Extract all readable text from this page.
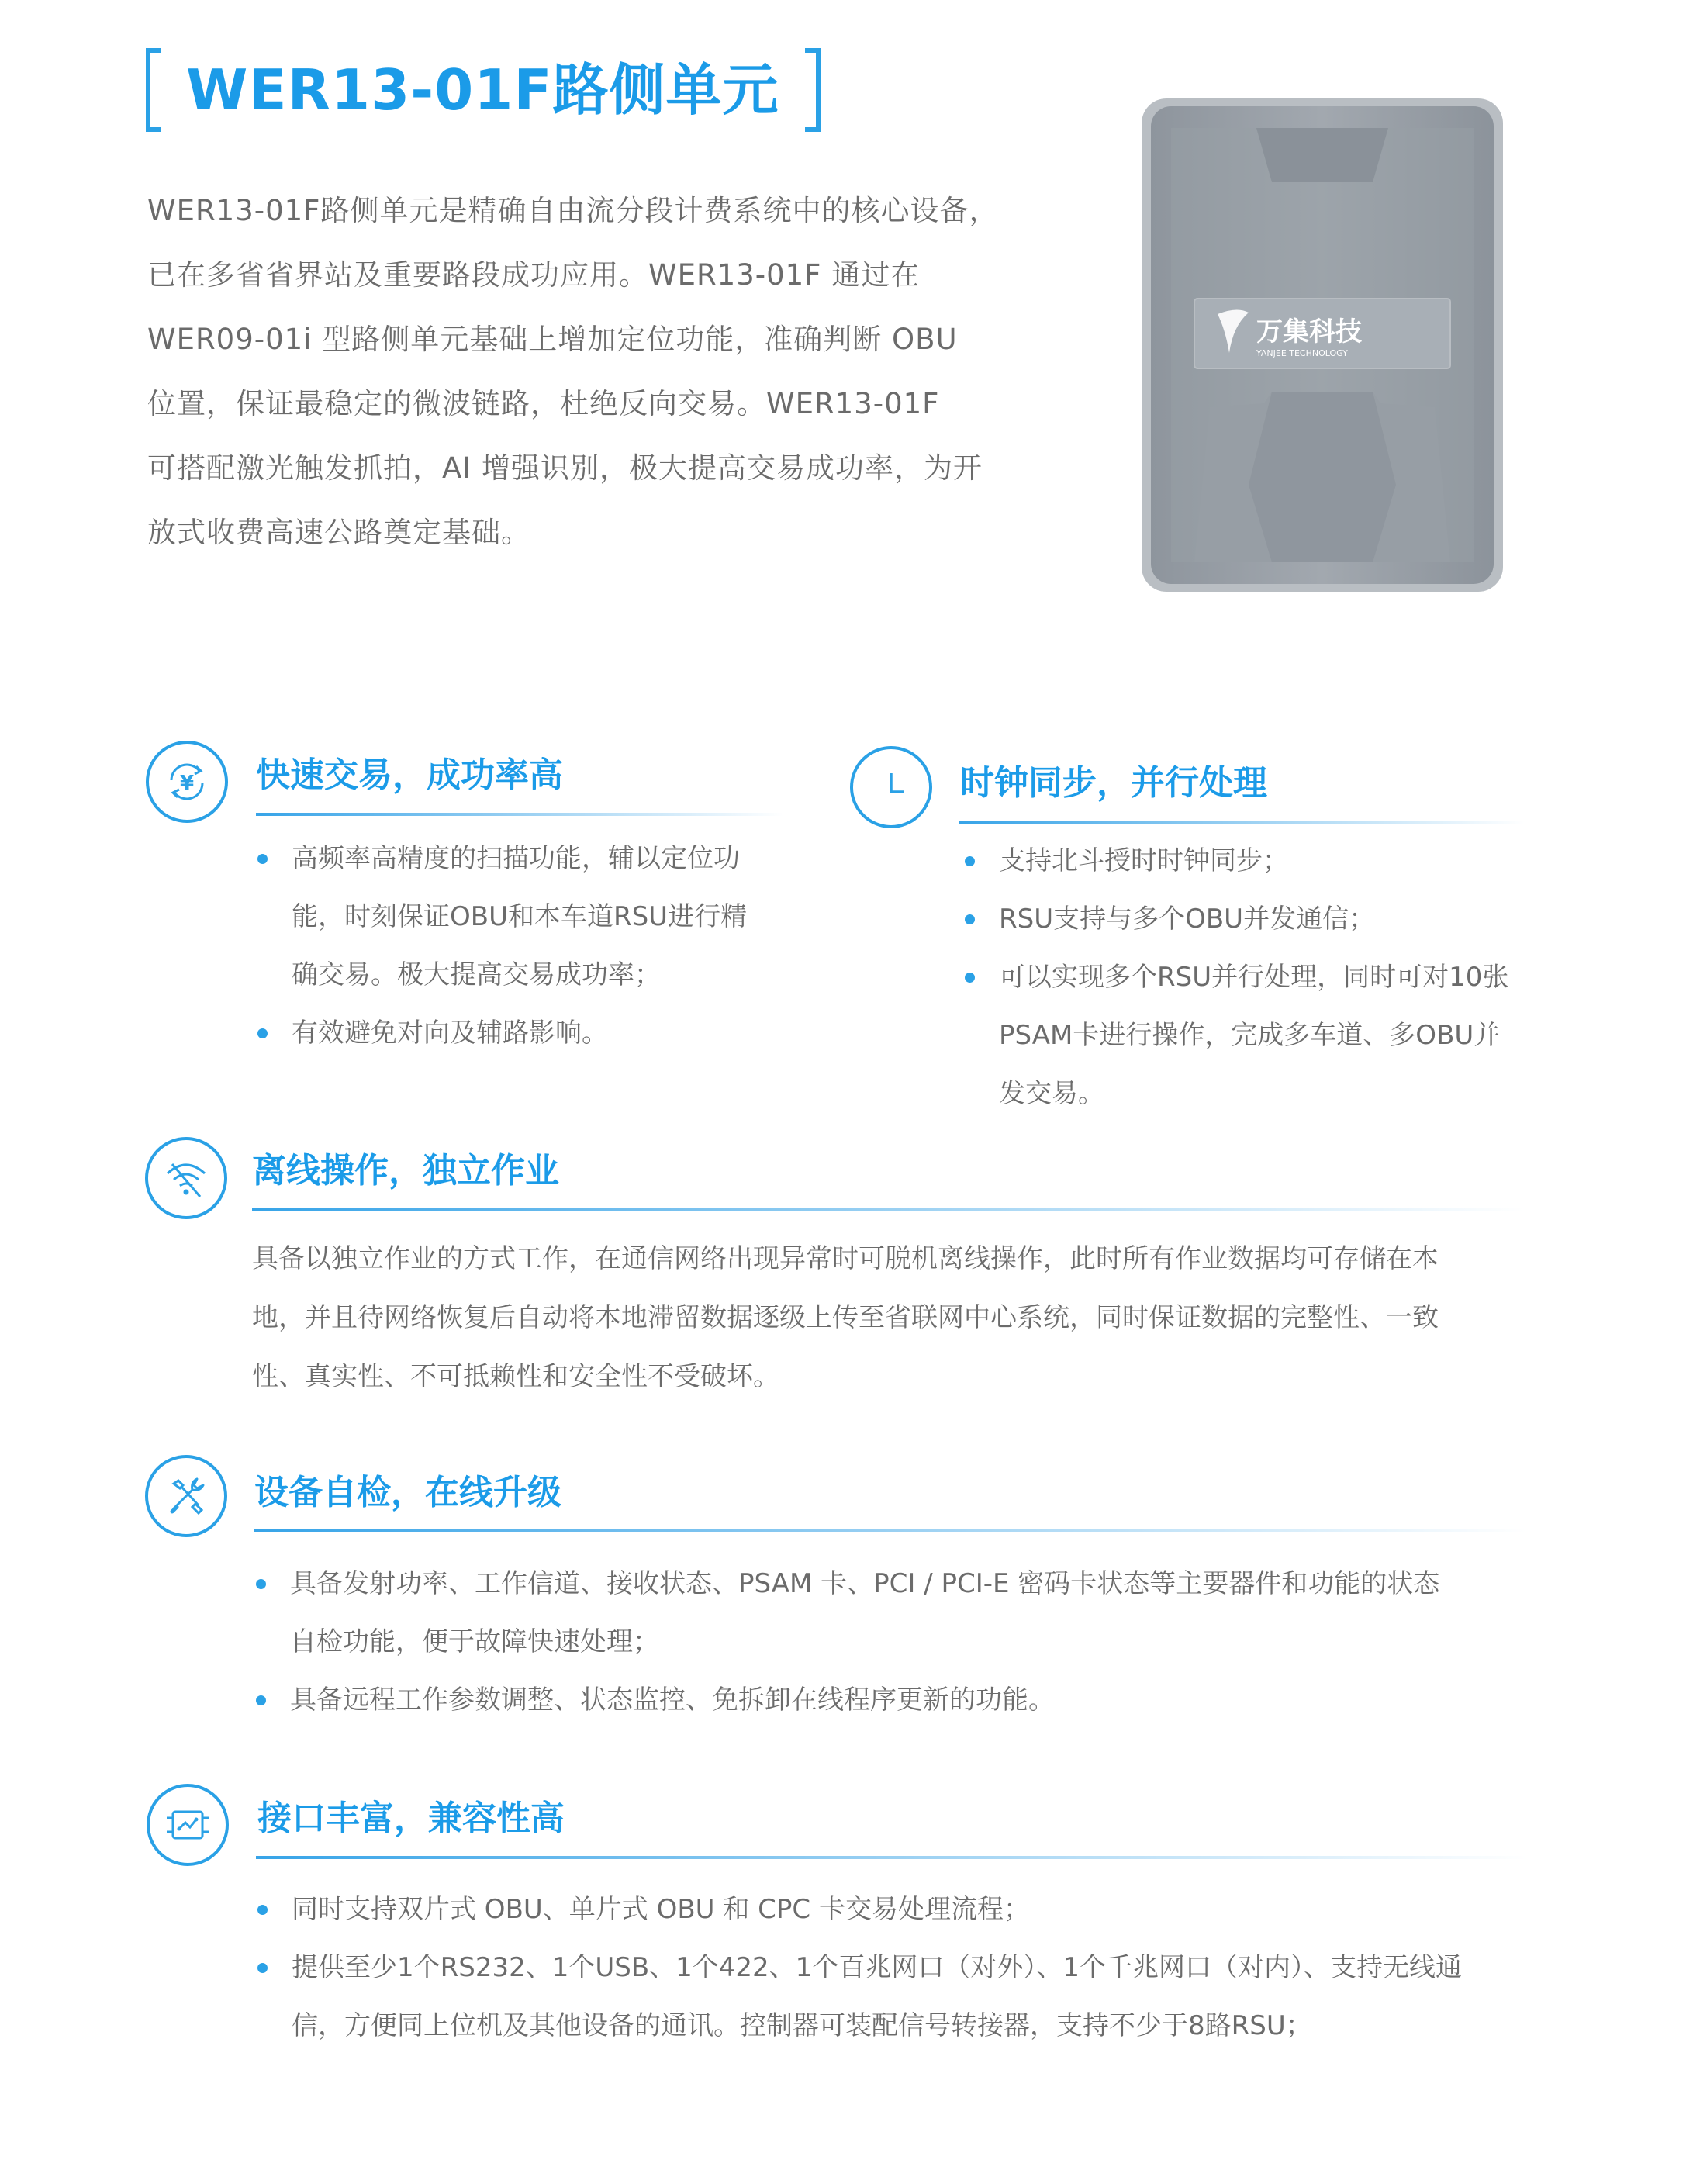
WER13-01F路侧单元

WER13-01F路侧单元是精确自由流分段计费系统中的核心设备，

已在多省省界站及重要路段成功应用。WER13-01F 通过在

WER09-01i 型路侧单元基础上增加定位功能，准确判断 OBU

位置，保证最稳定的微波链路，杜绝反向交易。WER13-01F

可搭配激光触发抓拍，AI 增强识别，极大提高交易成功率，为开

放式收费高速公路奠定基础。

万集科技
YANJEE TECHNOLOGY
¥ 快速交易，成功率高
高频率高精度的扫描功能，辅以定位功
能，时刻保证OBU和本车道RSU进行精
确交易。极大提高交易成功率；
有效避免对向及辅路影响。
时钟同步，并行处理
支持北斗授时时钟同步；
RSU支持与多个OBU并发通信；
可以实现多个RSU并行处理，同时可对10张
PSAM卡进行操作，完成多车道、多OBU并
发交易。
离线操作，独立作业
具备以独立作业的方式工作，在通信网络出现异常时可脱机离线操作，此时所有作业数据均可存储在本
地，并且待网络恢复后自动将本地滞留数据逐级上传至省联网中心系统，同时保证数据的完整性、一致
性、真实性、不可抵赖性和安全性不受破坏。
设备自检，在线升级
具备发射功率、工作信道、接收状态、PSAM 卡、PCI / PCI-E 密码卡状态等主要器件和功能的状态
自检功能，便于故障快速处理；
具备远程工作参数调整、状态监控、免拆卸在线程序更新的功能。
接口丰富，兼容性高
同时支持双片式 OBU、单片式 OBU 和 CPC 卡交易处理流程；
提供至少1个RS232、1个USB、1个422、1个百兆网口（对外）、1个千兆网口（对内）、支持无线通
信，方便同上位机及其他设备的通讯。控制器可装配信号转接器，支持不少于8路RSU；
